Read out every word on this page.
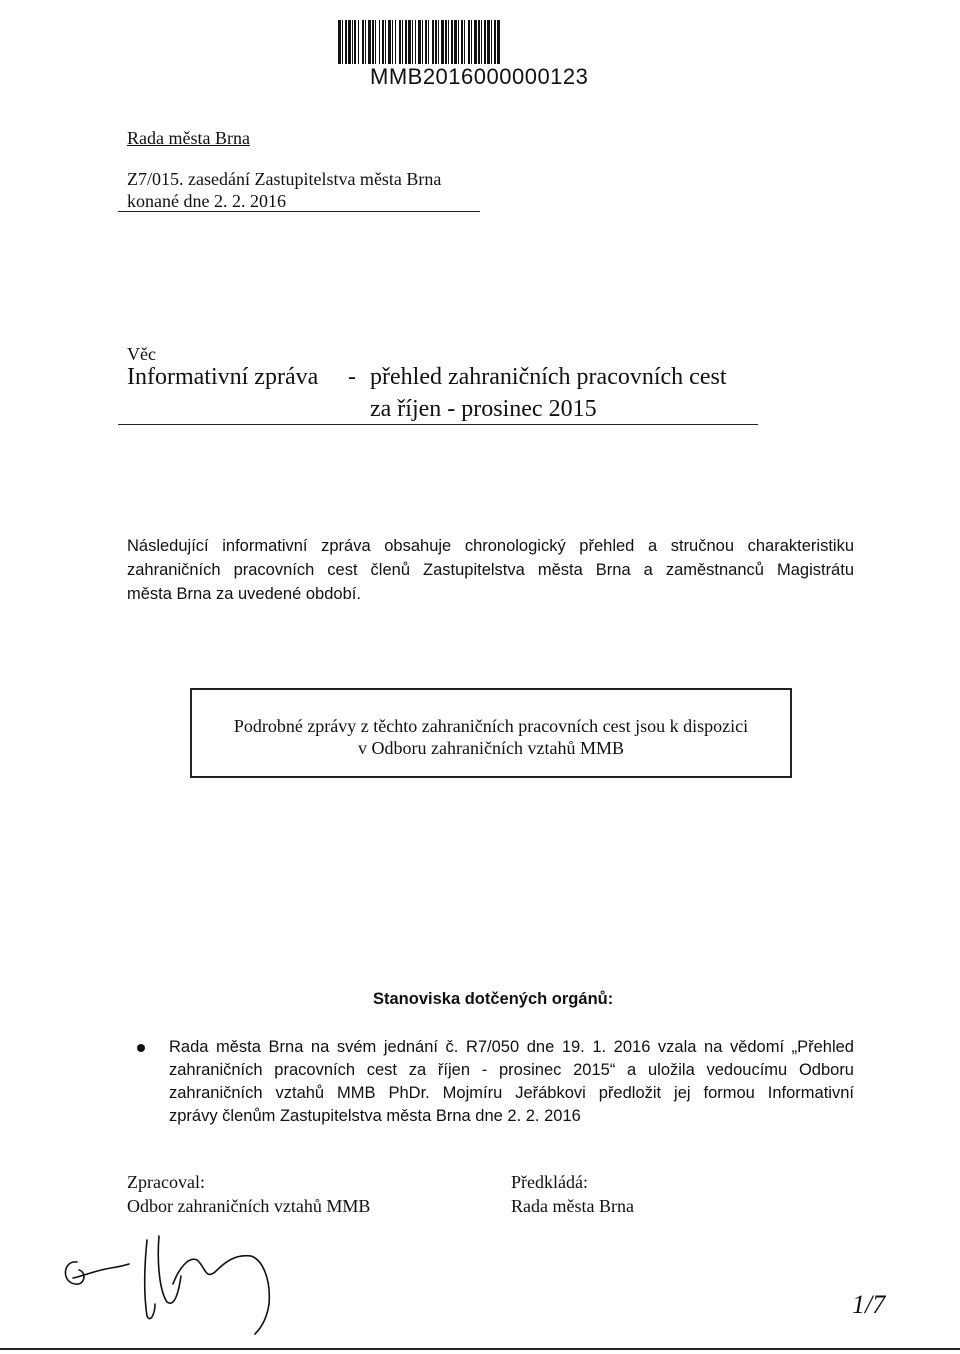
MMB2016000000123
Rada města Brna
Z7/015. zasedání Zastupitelstva města Brna
konané dne 2. 2. 2016
Věc
Informativní zpráva - přehled zahraničních pracovních cest
za říjen - prosinec 2015
Následující informativní zpráva obsahuje chronologický přehled a stručnou charakteristiku
zahraničních pracovních cest členů Zastupitelstva města Brna a zaměstnanců Magistrátu
města Brna za uvedené období.
Podrobné zprávy z těchto zahraničních pracovních cest jsou k dispozici
v Odboru zahraničních vztahů MMB
Stanoviska dotčených orgánů:
Rada města Brna na svém jednání č. R7/050 dne 19. 1. 2016 vzala na vědomí „Přehled
zahraničních pracovních cest za říjen - prosinec 2015“ a uložila vedoucímu Odboru
zahraničních vztahů MMB PhDr. Mojmíru Jeřábkovi předložit jej formou Informativní
zprávy členům Zastupitelstva města Brna dne 2. 2. 2016
Zpracoval:
Odbor zahraničních vztahů MMB
Předkládá:
Rada města Brna
1/7
